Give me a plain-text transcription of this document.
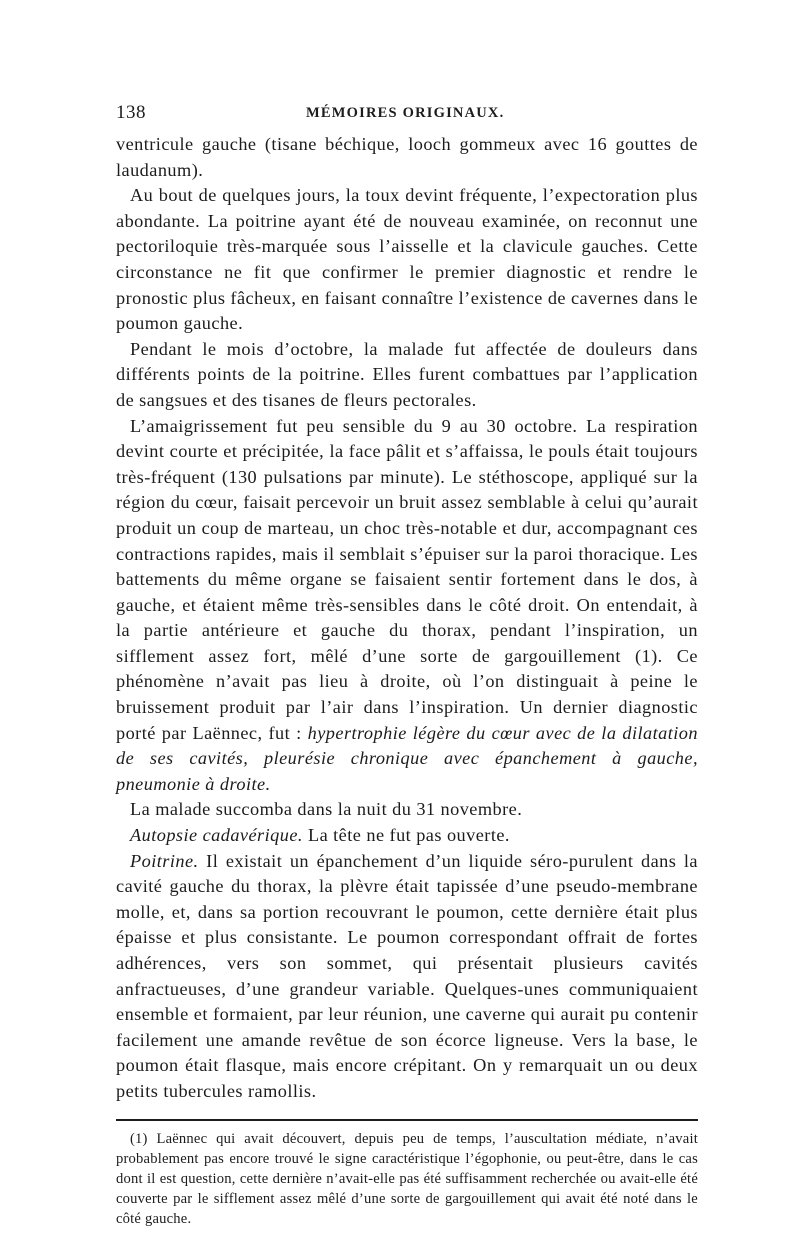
138	MÉMOIRES ORIGINAUX.

ventricule gauche (tisane béchique, looch gommeux avec 16 gouttes de laudanum).

Au bout de quelques jours, la toux devint fréquente, l’expectoration plus abondante. La poitrine ayant été de nouveau examinée, on reconnut une pectoriloquie très-marquée sous l’aisselle et la clavicule gauches. Cette circonstance ne fit que confirmer le premier diagnostic et rendre le pronostic plus fâcheux, en faisant connaître l’existence de cavernes dans le poumon gauche.

Pendant le mois d’octobre, la malade fut affectée de douleurs dans différents points de la poitrine. Elles furent combattues par l’application de sangsues et des tisanes de fleurs pectorales.

L’amaigrissement fut peu sensible du 9 au 30 octobre. La respiration devint courte et précipitée, la face pâlit et s’affaissa, le pouls était toujours très-fréquent (130 pulsations par minute). Le stéthoscope, appliqué sur la région du cœur, faisait percevoir un bruit assez semblable à celui qu’aurait produit un coup de marteau, un choc très-notable et dur, accompagnant ces contractions rapides, mais il semblait s’épuiser sur la paroi thoracique. Les battements du même organe se faisaient sentir fortement dans le dos, à gauche, et étaient même très-sensibles dans le côté droit. On entendait, à la partie antérieure et gauche du thorax, pendant l’inspiration, un sifflement assez fort, mêlé d’une sorte de gargouillement (1). Ce phénomène n’avait pas lieu à droite, où l’on distinguait à peine le bruissement produit par l’air dans l’inspiration. Un dernier diagnostic porté par Laënnec, fut : hypertrophie légère du cœur avec de la dilatation de ses cavités, pleurésie chronique avec épanchement à gauche, pneumonie à droite.

La malade succomba dans la nuit du 31 novembre.

Autopsie cadavérique. La tête ne fut pas ouverte.

Poitrine. Il existait un épanchement d’un liquide séro-purulent dans la cavité gauche du thorax, la plèvre était tapissée d’une pseudo-membrane molle, et, dans sa portion recouvrant le poumon, cette dernière était plus épaisse et plus consistante. Le poumon correspondant offrait de fortes adhérences, vers son sommet, qui présentait plusieurs cavités anfractueuses, d’une grandeur variable. Quelques-unes communiquaient ensemble et formaient, par leur réunion, une caverne qui aurait pu contenir facilement une amande revêtue de son écorce ligneuse. Vers la base, le poumon était flasque, mais encore crépitant. On y remarquait un ou deux petits tubercules ramollis.

(1) Laënnec qui avait découvert, depuis peu de temps, l’auscultation médiate, n’avait probablement pas encore trouvé le signe caractéristique l’égophonie, ou peut-être, dans le cas dont il est question, cette dernière n’avait-elle pas été suffisamment recherchée ou avait-elle été couverte par le sifflement assez mêlé d’une sorte de gargouillement qui avait été noté dans le côté gauche.
